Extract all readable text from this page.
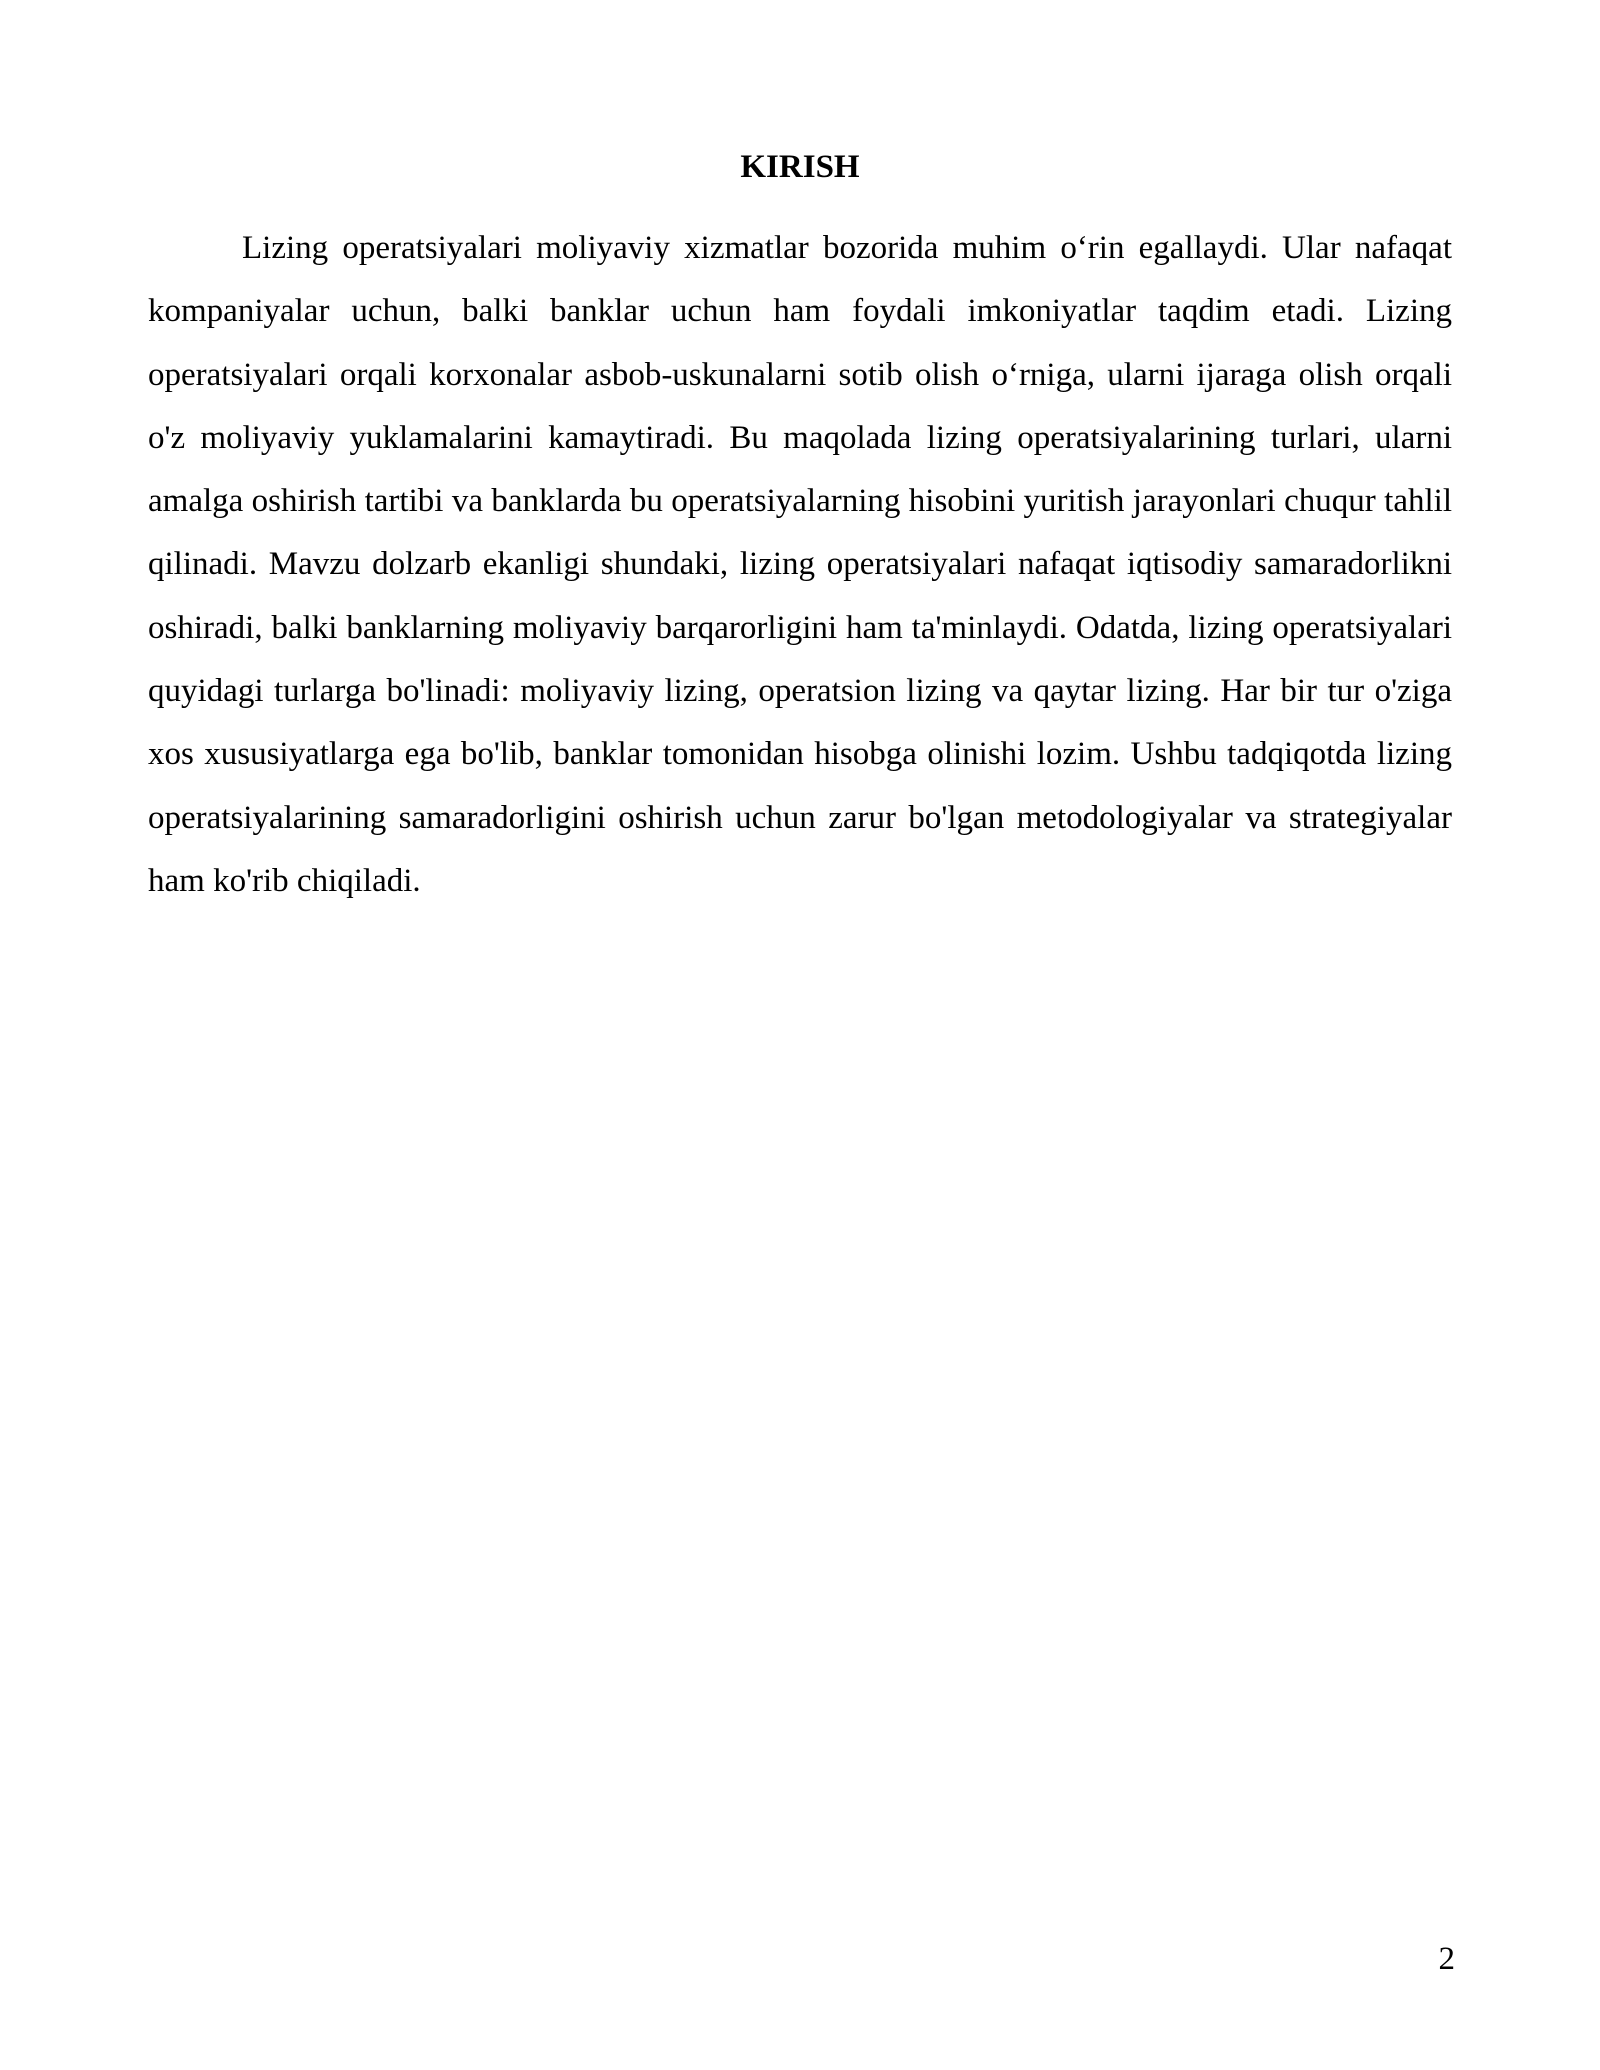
KIRISH

Lizing operatsiyalari moliyaviy xizmatlar bozorida muhim o‘rin egallaydi. Ular nafaqat kompaniyalar uchun, balki banklar uchun ham foydali imkoniyatlar taqdim etadi. Lizing operatsiyalari orqali korxonalar asbob-uskunalarni sotib olish o‘rniga, ularni ijaraga olish orqali o'z moliyaviy yuklamalarini kamaytiradi. Bu maqolada lizing operatsiyalarining turlari, ularni amalga oshirish tartibi va banklarda bu operatsiyalarning hisobini yuritish jarayonlari chuqur tahlil qilinadi. Mavzu dolzarb ekanligi shundaki, lizing operatsiyalari nafaqat iqtisodiy samaradorlikni oshiradi, balki banklarning moliyaviy barqarorligini ham ta'minlaydi. Odatda, lizing operatsiyalari quyidagi turlarga bo'linadi: moliyaviy lizing, operatsion lizing va qaytar lizing. Har bir tur o'ziga xos xususiyatlarga ega bo'lib, banklar tomonidan hisobga olinishi lozim. Ushbu tadqiqotda lizing operatsiyalarining samaradorligini oshirish uchun zarur bo'lgan metodologiyalar va strategiyalar ham ko'rib chiqiladi.

2
